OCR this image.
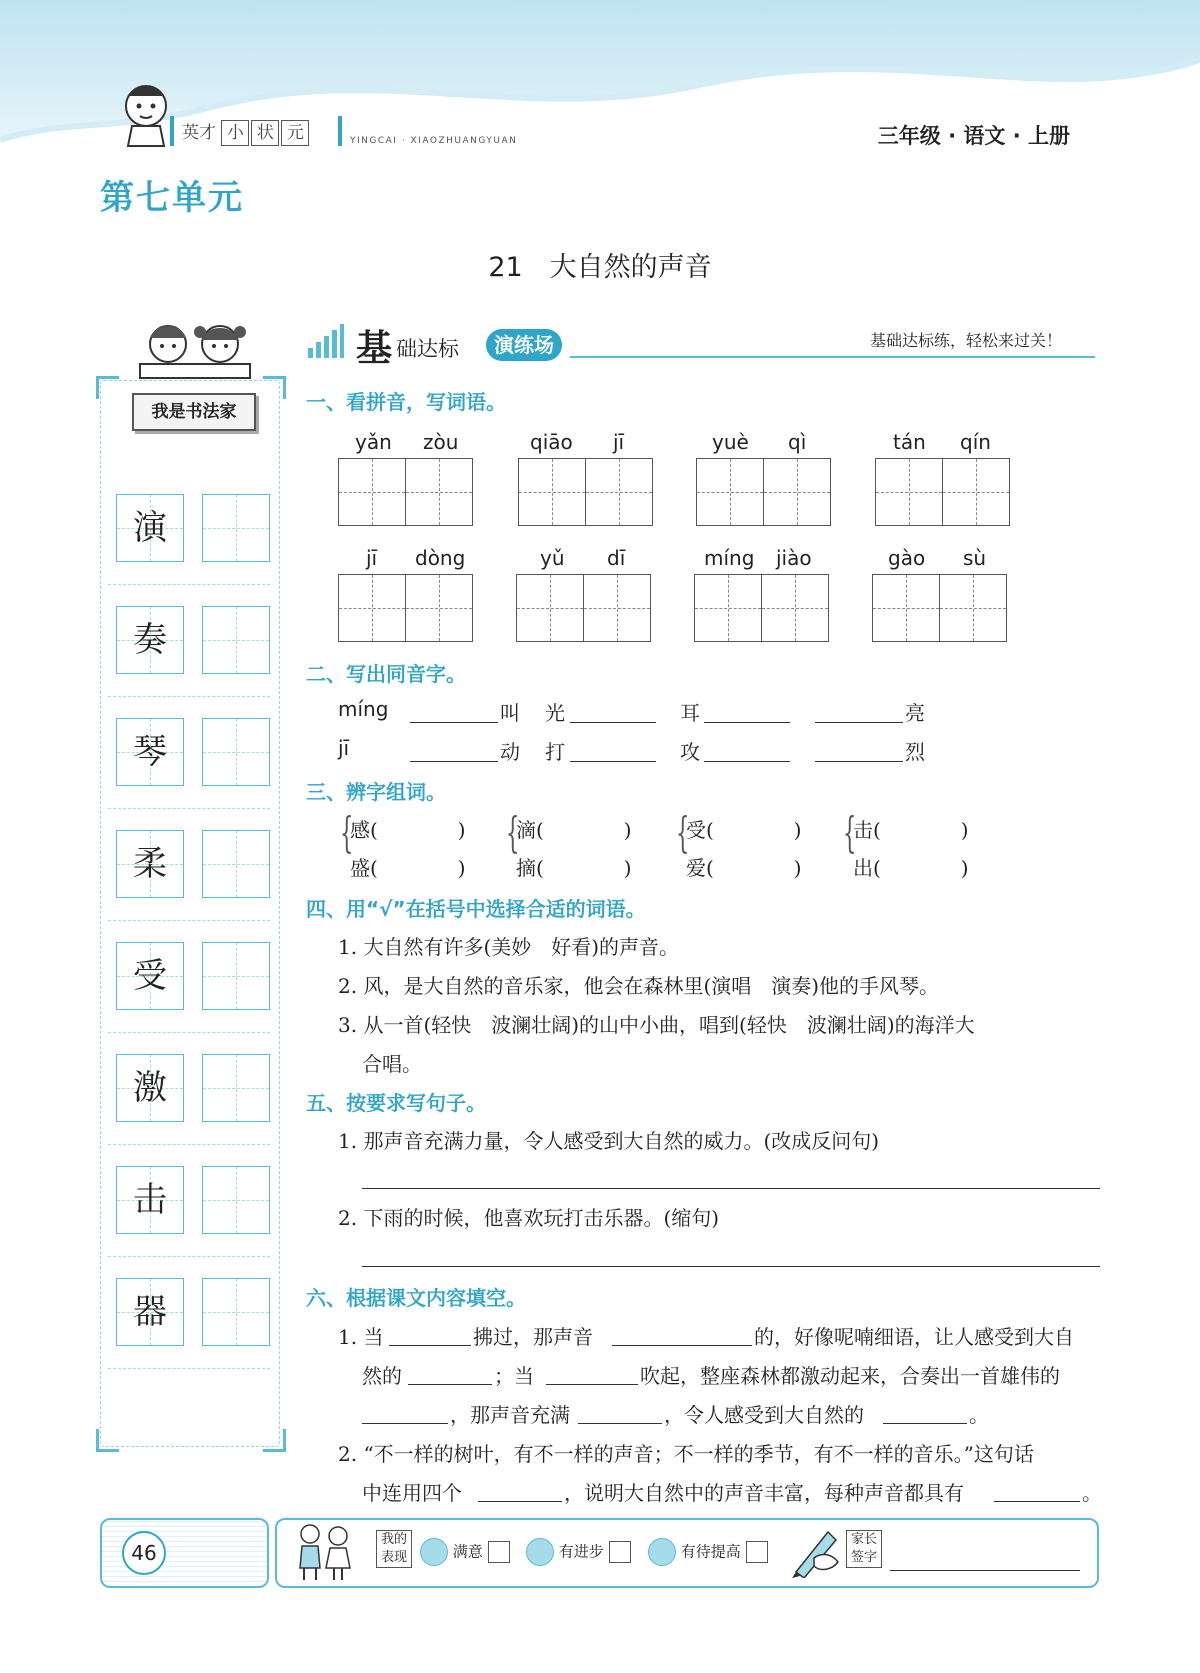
英才 小 状 元	YINGCAI · XIAOZHUANGYUAN	三年级 · 语文 · 上册
第七单元
21　大自然的声音
我是书法家
演
奏
琴
柔
受
激
击
器
基 础达标	演练场	基础达标练，轻松来过关！
一、看拼音，写词语。
yǎn zòu	qiāo jī	yuè qì	tán qín
jī dòng	yǔ dī	míng jiào	gào sù
二、写出同音字。
míng	叫 光	耳	亮
jī	动 打	攻	烈
三、辨字组词。
{
感(　　　　)
盛(　　　　)
{
滴(　　　　)
摘(　　　　)
{
受(　　　　)
爱(　　　　)
{
击(　　　　)
出(　　　　)
四、用“√”在括号中选择合适的词语。
1. 大自然有许多(美妙　好看)的声音。
2. 风，是大自然的音乐家，他会在森林里(演唱　演奏)他的手风琴。
3. 从一首(轻快　波澜壮阔)的山中小曲，唱到(轻快　波澜壮阔)的海洋大
合唱。
五、按要求写句子。
1. 那声音充满力量，令人感受到大自然的威力。(改成反问句)
2. 下雨的时候，他喜欢玩打击乐器。(缩句)
六、根据课文内容填空。
1. 当	拂过，那声音	的，好像呢喃细语，让人感受到大自
然的	；当	吹起，整座森林都激动起来，合奏出一首雄伟的
，那声音充满	，令人感受到大自然的	。
2. “不一样的树叶，有不一样的声音；不一样的季节，有不一样的音乐。”这句话
中连用四个	，说明大自然中的声音丰富，每种声音都具有	。
46
我的
表现	满意	有进步	有待提高
家长
签字
